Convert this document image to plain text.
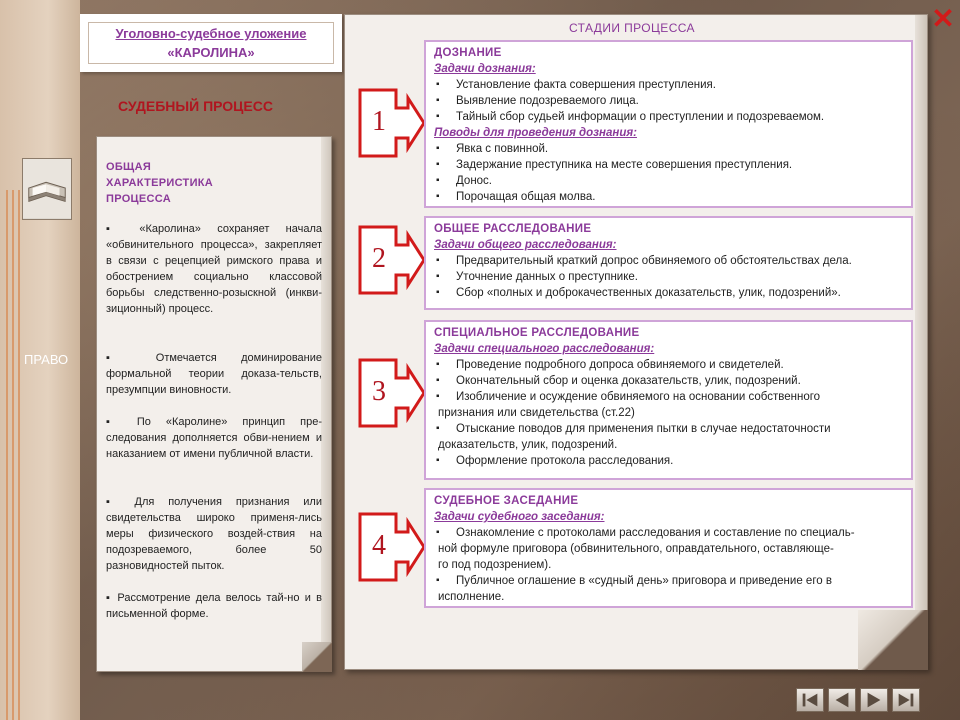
ПРАВО
Уголовно-судебное уложение
«КАРОЛИНА»
СУДЕБНЫЙ ПРОЦЕСС
ОБЩАЯ
ХАРАКТЕРИСТИКА
ПРОЦЕССА
▪ «Каролина» сохраняет начала «обвинительного процесса», закрепляет в связи с рецепцией римского права и обострением социально классовой борьбы следственно-розыскной (инкви-зиционный) процесс.
▪ Отмечается доминирование формальной теории доказа-тельств, презумпции виновности.
▪ По «Каролине» принцип пре-следования дополняется обви-нением и наказанием от имени публичной власти.
▪ Для получения признания или свидетельства широко применя-лись меры физического воздей-ствия на подозреваемого, более 50 разновидностей пыток.
▪ Рассмотрение дела велось тай-но и в письменной форме.
СТАДИИ ПРОЦЕССА
1
ДОЗНАНИЕ
Задачи дознания:
▪ Установление факта совершения преступления.
▪ Выявление подозреваемого лица.
▪ Тайный сбор судьей информации о преступлении и подозреваемом.
Поводы для проведения дознания:
▪ Явка с повинной.
▪ Задержание преступника на месте совершения преступления.
▪ Донос.
▪ Порочащая общая молва.
2
ОБЩЕЕ РАССЛЕДОВАНИЕ
Задачи общего расследования:
▪ Предварительный краткий допрос обвиняемого об обстоятельствах дела.
▪ Уточнение данных о преступнике.
▪ Сбор «полных и доброкачественных доказательств, улик, подозрений».
3
СПЕЦИАЛЬНОЕ РАССЛЕДОВАНИЕ
Задачи специального расследования:
▪ Проведение подробного допроса обвиняемого и свидетелей.
▪ Окончательный сбор и оценка доказательств, улик, подозрений.
▪ Изобличение и осуждение обвиняемого на основании собственного
признания или свидетельства (ст.22)
▪ Отыскание поводов для применения пытки в случае недостаточности
доказательств, улик, подозрений.
▪ Оформление протокола расследования.
4
СУДЕБНОЕ ЗАСЕДАНИЕ
Задачи судебного заседания:
▪ Ознакомление с протоколами расследования и составление по специаль-
ной формуле приговора (обвинительного, оправдательного, оставляюще-
го под подозрением).
▪ Публичное оглашение в «судный день» приговора и приведение его в
исполнение.
✕
